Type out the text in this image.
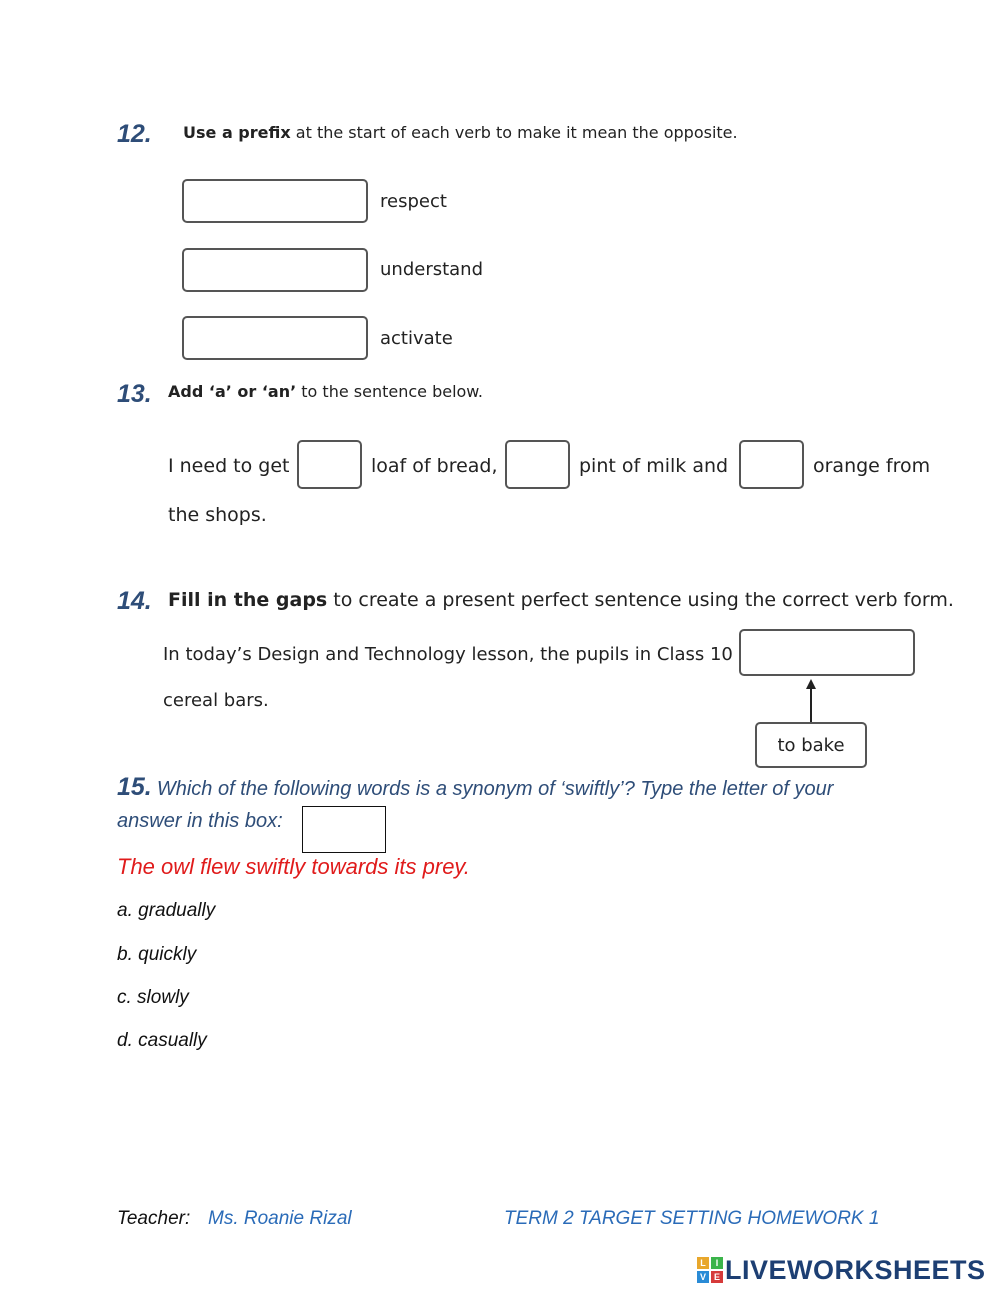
12. Use a prefix at the start of each verb to make it mean the opposite.
respect
understand
activate
13. Add ‘a’ or ‘an’ to the sentence below.
I need to get	loaf of bread,	pint of milk and	orange from
the shops.
14. Fill in the gaps to create a present perfect sentence using the correct verb form.
In today’s Design and Technology lesson, the pupils in Class 10
cereal bars.
to bake
15. Which of the following words is a synonym of ‘swiftly’? Type the letter of your
answer in this box:
The owl flew swiftly towards its prey.
a. gradually
b. quickly
c. slowly
d. casually
Teacher: Ms. Roanie Rizal	TERM 2 TARGET SETTING HOMEWORK 1
L	I
V E LIVEWORKSHEETS
